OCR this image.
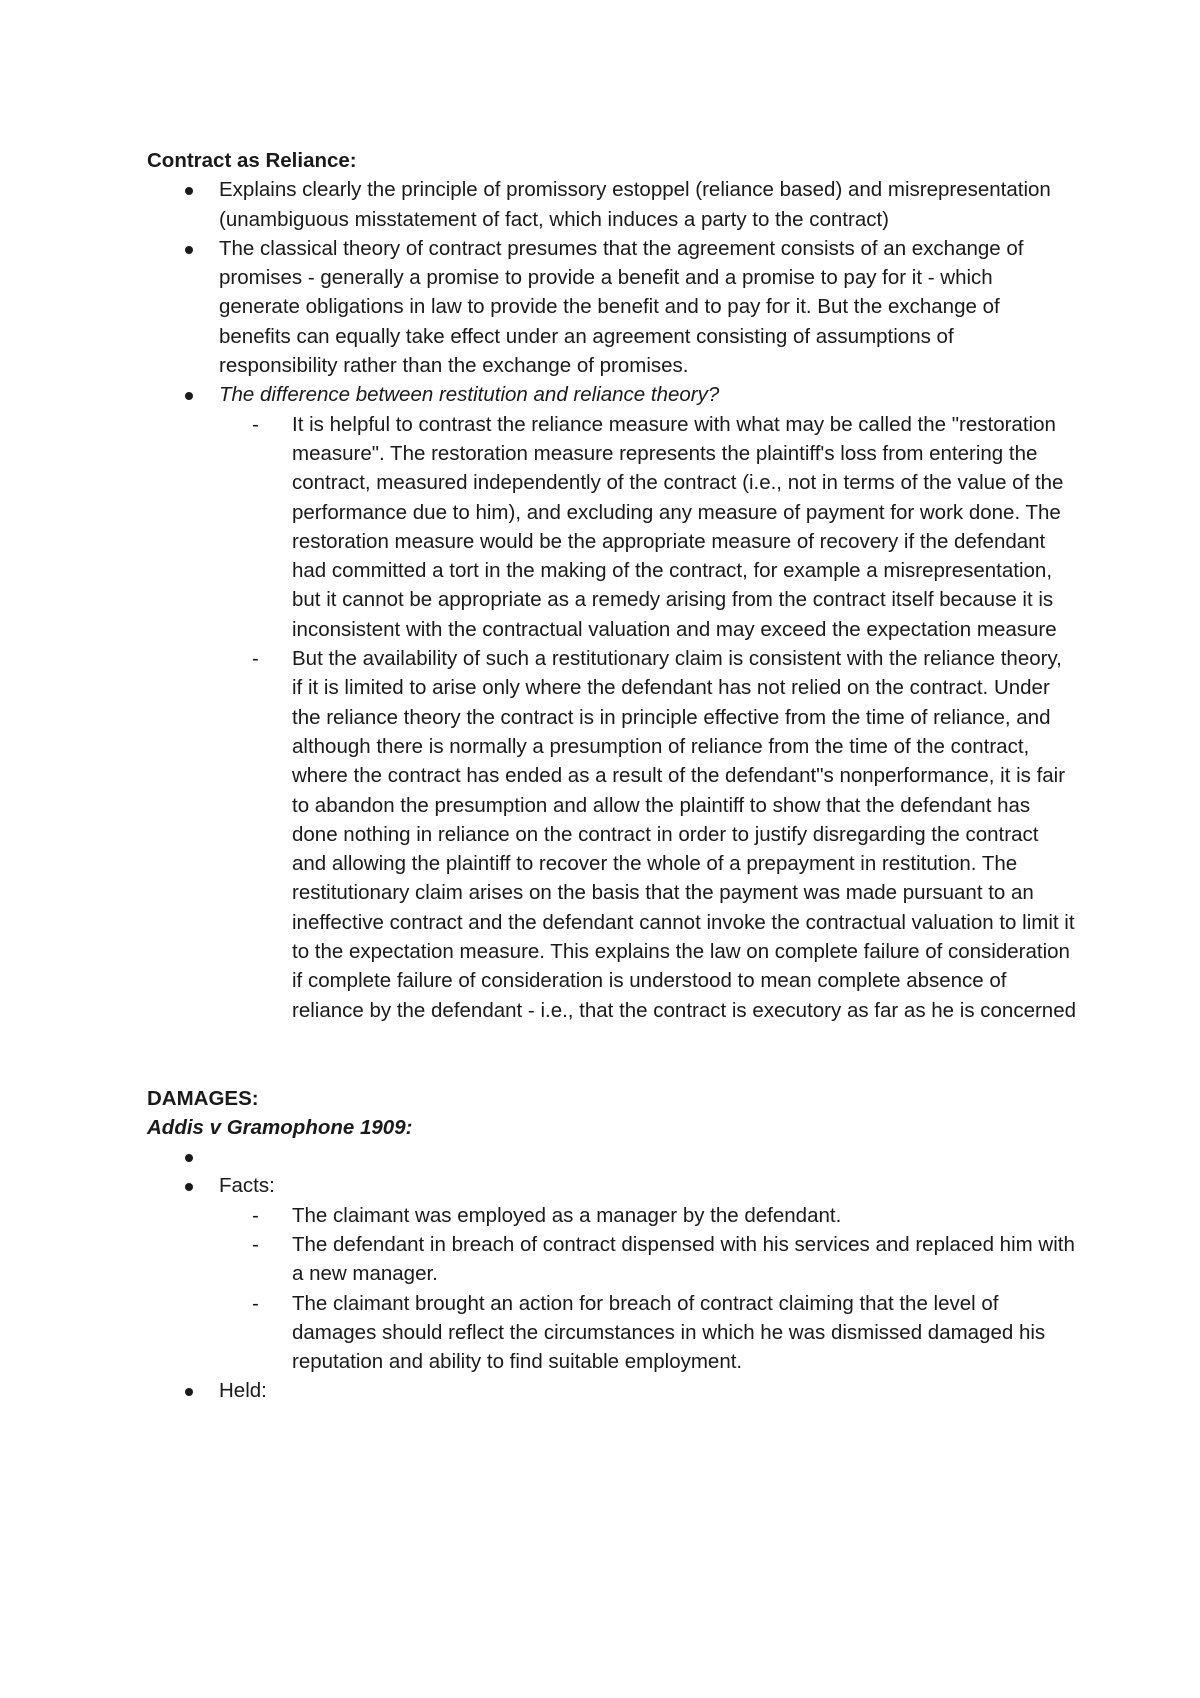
Contract as Reliance:
Explains clearly the principle of promissory estoppel (reliance based) and misrepresentation (unambiguous misstatement of fact, which induces a party to the contract)
The classical theory of contract presumes that the agreement consists of an exchange of promises - generally a promise to provide a benefit and a promise to pay for it - which generate obligations in law to provide the benefit and to pay for it. But the exchange of benefits can equally take effect under an agreement consisting of assumptions of responsibility rather than the exchange of promises.
The difference between restitution and reliance theory?
- It is helpful to contrast the reliance measure with what may be called the "restoration measure". The restoration measure represents the plaintiff's loss from entering the contract, measured independently of the contract (i.e., not in terms of the value of the performance due to him), and excluding any measure of payment for work done. The restoration measure would be the appropriate measure of recovery if the defendant had committed a tort in the making of the contract, for example a misrepresentation, but it cannot be appropriate as a remedy arising from the contract itself because it is inconsistent with the contractual valuation and may exceed the expectation measure
- But the availability of such a restitutionary claim is consistent with the reliance theory, if it is limited to arise only where the defendant has not relied on the contract. Under the reliance theory the contract is in principle effective from the time of reliance, and although there is normally a presumption of reliance from the time of the contract, where the contract has ended as a result of the defendant"s nonperformance, it is fair to abandon the presumption and allow the plaintiff to show that the defendant has done nothing in reliance on the contract in order to justify disregarding the contract and allowing the plaintiff to recover the whole of a prepayment in restitution. The restitutionary claim arises on the basis that the payment was made pursuant to an ineffective contract and the defendant cannot invoke the contractual valuation to limit it to the expectation measure. This explains the law on complete failure of consideration if complete failure of consideration is understood to mean complete absence of reliance by the defendant - i.e., that the contract is executory as far as he is concerned
DAMAGES:
Addis v Gramophone 1909:
Facts:
- The claimant was employed as a manager by the defendant.
- The defendant in breach of contract dispensed with his services and replaced him with a new manager.
- The claimant brought an action for breach of contract claiming that the level of damages should reflect the circumstances in which he was dismissed damaged his reputation and ability to find suitable employment.
Held:
